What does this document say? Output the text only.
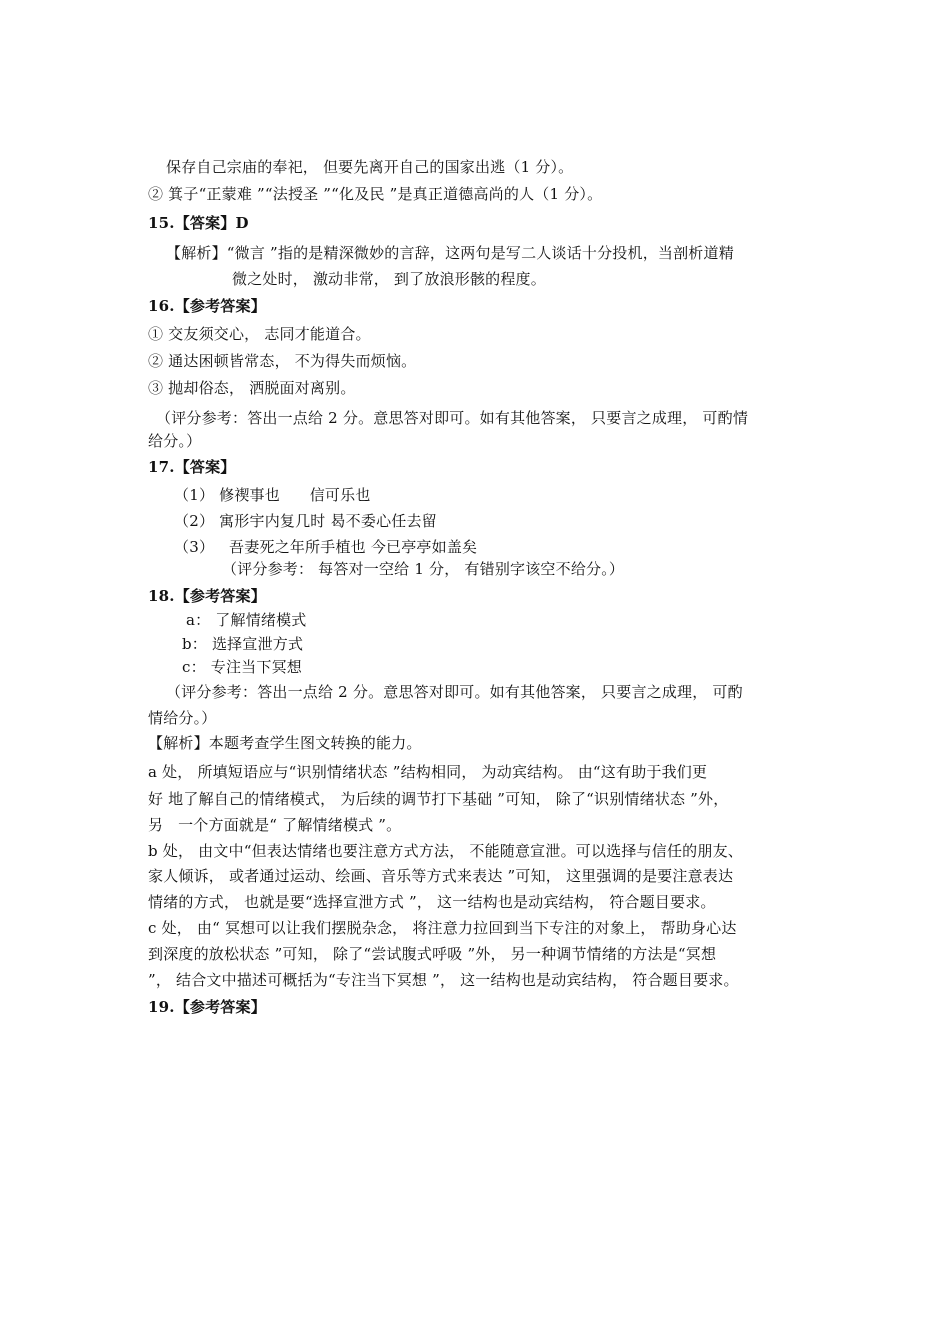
保存自己宗庙的奉祀， 但要先离开自己的国家出逃（1 分）。
② 箕子“正蒙难 ”“法授圣 ”“化及民 ”是真正道德高尚的人（1 分）。
15.【答案】D
【解析】“微言 ”指的是精深微妙的言辞，这两句是写二人谈话十分投机，当剖析道精
微之处时， 激动非常， 到了放浪形骸的程度。
16.【参考答案】
① 交友须交心， 志同才能道合。
② 通达困顿皆常态， 不为得失而烦恼。
③ 抛却俗态， 洒脱面对离别。
（评分参考：答出一点给 2 分。意思答对即可。如有其他答案， 只要言之成理， 可酌情
给分。）
17.【答案】
（1） 修禊事也      信可乐也
（2） 寓形宇内复几时 曷不委心任去留
（3）   吾妻死之年所手植也 今已亭亭如盖矣
（评分参考： 每答对一空给 1 分， 有错别字该空不给分。）
18.【参考答案】
a： 了解情绪模式
b： 选择宣泄方式
c： 专注当下冥想
（评分参考：答出一点给 2 分。意思答对即可。如有其他答案， 只要言之成理， 可酌
情给分。）
【解析】本题考查学生图文转换的能力。
a 处， 所填短语应与“识别情绪状态 ”结构相同， 为动宾结构。 由“这有助于我们更
好 地了解自己的情绪模式， 为后续的调节打下基础 ”可知， 除了“识别情绪状态 ”外，
另   一个方面就是“ 了解情绪模式 ”。
b 处， 由文中“但表达情绪也要注意方式方法， 不能随意宣泄。可以选择与信任的朋友、
家人倾诉， 或者通过运动、绘画、音乐等方式来表达 ”可知， 这里强调的是要注意表达
情绪的方式， 也就是要“选择宣泄方式 ”， 这一结构也是动宾结构， 符合题目要求。
c 处， 由“ 冥想可以让我们摆脱杂念， 将注意力拉回到当下专注的对象上， 帮助身心达
到深度的放松状态 ”可知， 除了“尝试腹式呼吸 ”外， 另一种调节情绪的方法是“冥想
”， 结合文中描述可概括为“专注当下冥想 ”， 这一结构也是动宾结构， 符合题目要求。
19.【参考答案】
